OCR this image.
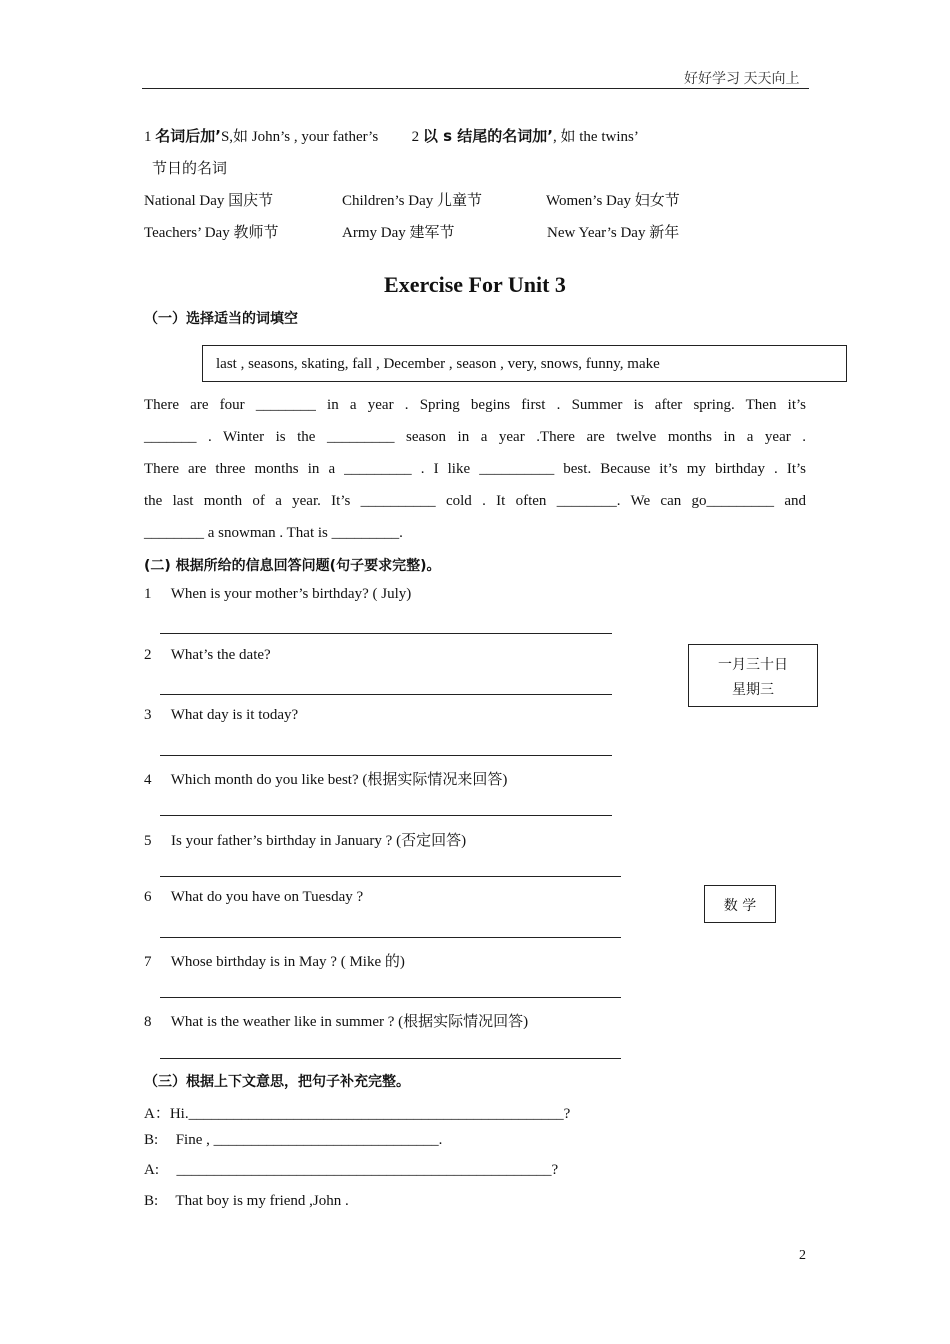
好好学习 天天向上
1 名词后加’S,如 John’s , your father’s 2 以 s 结尾的名词加’, 如 the twins’
节日的名词
National Day 国庆节	Children’s Day 儿童节	Women’s Day 妇女节
Teachers’ Day 教师节	Army Day 建军节	New Year’s Day 新年
Exercise For Unit 3
（一）选择适当的词填空
last , seasons, skating, fall , December , season , very, snows, funny, make
There are four ________ in a year . Spring begins first . Summer is after spring. Then it’s
_______ . Winter is the _________ season in a year .There are twelve months in a year .
There are three months in a _________ . I like __________ best. Because it’s my birthday . It’s
the last month of a year. It’s __________ cold . It often ________. We can go_________ and
________ a snowman . That is _________.
(二) 根据所给的信息回答问题(句子要求完整)。
1 When is your mother’s birthday? ( July)
2 What’s the date?
3 What day is it today?
4 Which month do you like best? (根据实际情况来回答)
5 Is your father’s birthday in January ? (否定回答)
6 What do you have on Tuesday ?
7 Whose birthday is in May ? ( Mike 的)
8 What is the weather like in summer ? (根据实际情况回答)
一月三十日
星期三
数 学
（三）根据上下文意思，把句子补充完整。
A：Hi.__________________________________________________?
B: Fine , ______________________________.
A: __________________________________________________?
B: That boy is my friend ,John .
2
